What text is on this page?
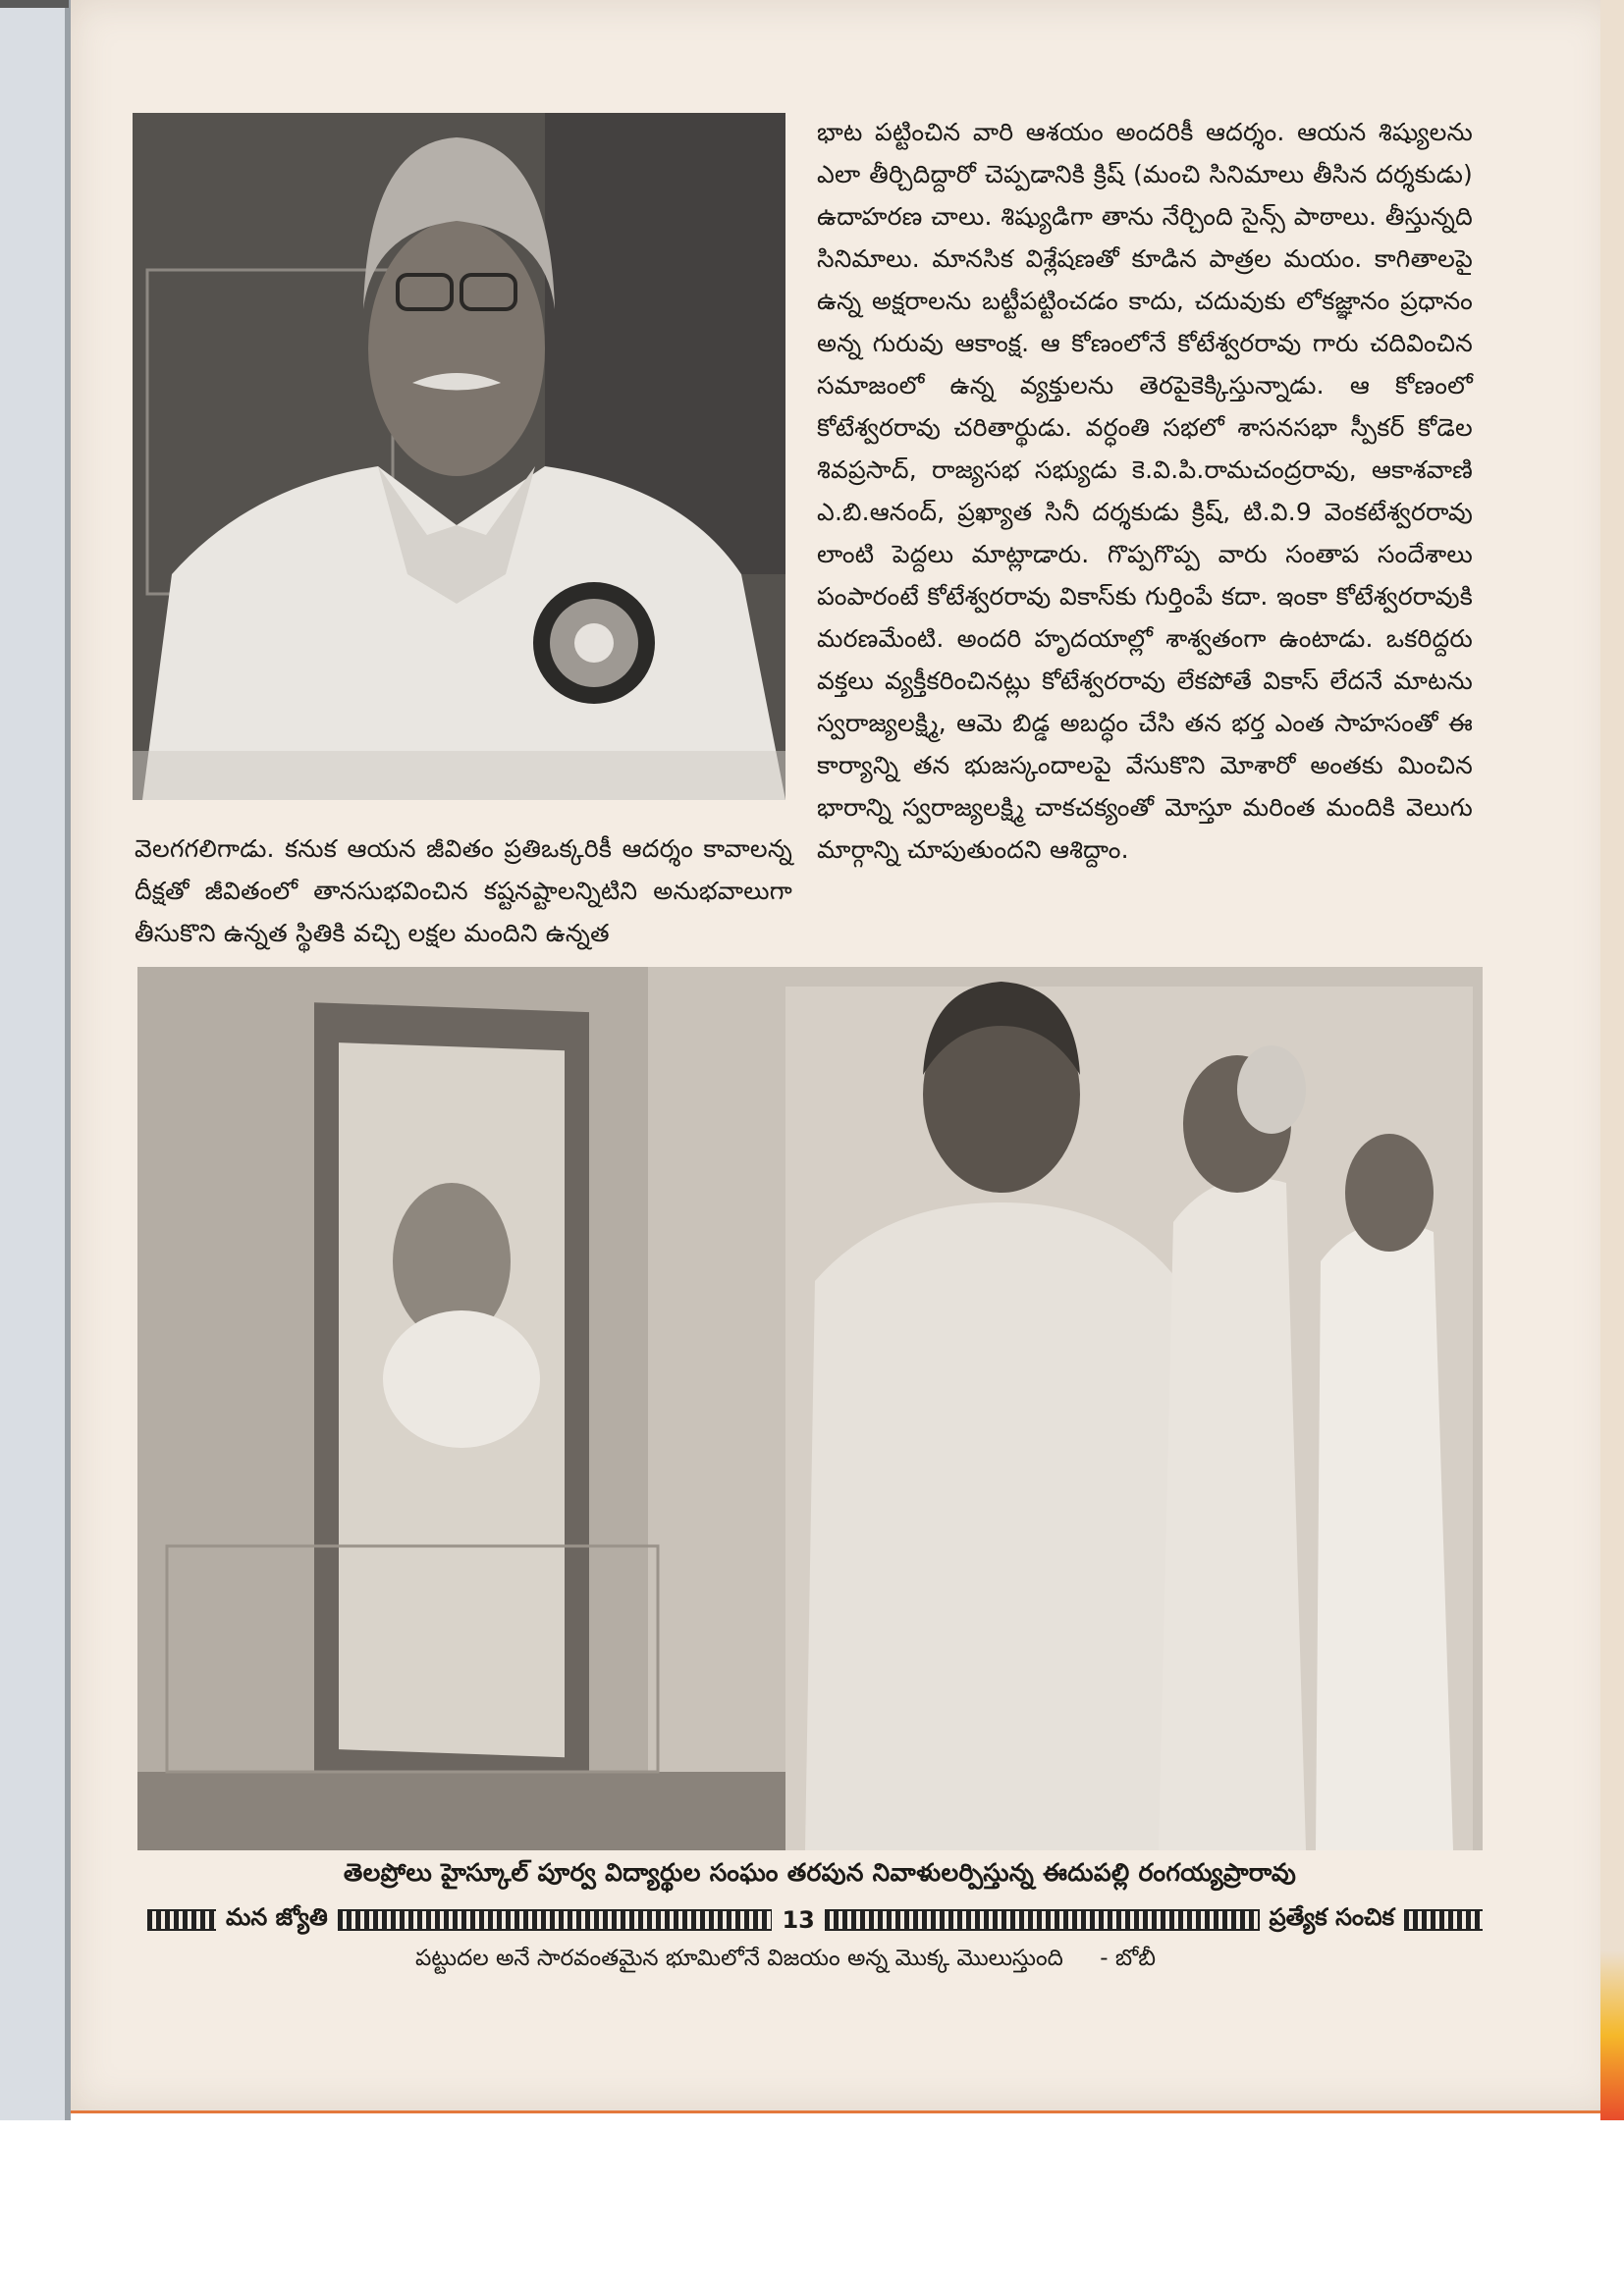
భాట పట్టించిన వారి ఆశయం అందరికీ ఆదర్శం. ఆయన శిష్యులను ఎలా తీర్చిదిద్దారో చెప్పడానికి క్రిష్ (మంచి సినిమాలు తీసిన దర్శకుడు) ఉదాహరణ చాలు. శిష్యుడిగా తాను నేర్చింది సైన్స్ పాఠాలు. తీస్తున్నది సినిమాలు. మానసిక విశ్లేషణతో కూడిన పాత్రల మయం. కాగితాలపై ఉన్న అక్షరాలను బట్టీపట్టించడం కాదు, చదువుకు లోకజ్ఞానం ప్రధానం అన్న గురువు ఆకాంక్ష. ఆ కోణంలోనే కోటేశ్వరరావు గారు చదివించిన సమాజంలో ఉన్న వ్యక్తులను తెరపైకెక్కిస్తున్నాడు. ఆ కోణంలో కోటేశ్వరరావు చరితార్థుడు. వర్ధంతి సభలో శాసనసభా స్పీకర్ కోడెల శివప్రసాద్, రాజ్యసభ సభ్యుడు కె.వి.పి.రామచంద్రరావు, ఆకాశవాణి ఎ.బి.ఆనంద్, ప్రఖ్యాత సినీ దర్శకుడు క్రిష్, టి.వి.9 వెంకటేశ్వరరావు లాంటి పెద్దలు మాట్లాడారు. గొప్పగొప్ప వారు సంతాప సందేశాలు పంపారంటే కోటేశ్వరరావు వికాస్‌కు గుర్తింపే కదా. ఇంకా కోటేశ్వరరావుకి మరణమేంటి. అందరి హృదయాల్లో శాశ్వతంగా ఉంటాడు. ఒకరిద్దరు వక్తలు వ్యక్తీకరించినట్లు కోటేశ్వరరావు లేకపోతే వికాస్ లేదనే మాటను స్వరాజ్యలక్ష్మి, ఆమె బిడ్డ అబద్ధం చేసి తన భర్త ఎంత సాహసంతో ఈ కార్యాన్ని తన భుజస్కందాలపై వేసుకొని మోశారో అంతకు మించిన భారాన్ని స్వరాజ్యలక్ష్మి చాకచక్యంతో మోస్తూ మరింత మందికి వెలుగు మార్గాన్ని చూపుతుందని ఆశిద్దాం.

వెలగగలిగాడు. కనుక ఆయన జీవితం ప్రతిఒక్కరికీ ఆదర్శం కావాలన్న దీక్షతో జీవితంలో తానసుభవించిన కష్టనష్టాలన్నిటిని అనుభవాలుగా తీసుకొని ఉన్నత స్థితికి వచ్చి లక్షల మందిని ఉన్నత

తెలప్రోలు హైస్కూల్ పూర్వ విద్యార్థుల సంఘం తరపున నివాళులర్పిస్తున్న ఈదుపల్లి రంగయ్యప్రారావు
మన జ్యోతి	13	ప్రత్యేక సంచిక
పట్టుదల అనే సారవంతమైన భూమిలోనే విజయం అన్న మొక్క మొలుస్తుంది - బోబీ
